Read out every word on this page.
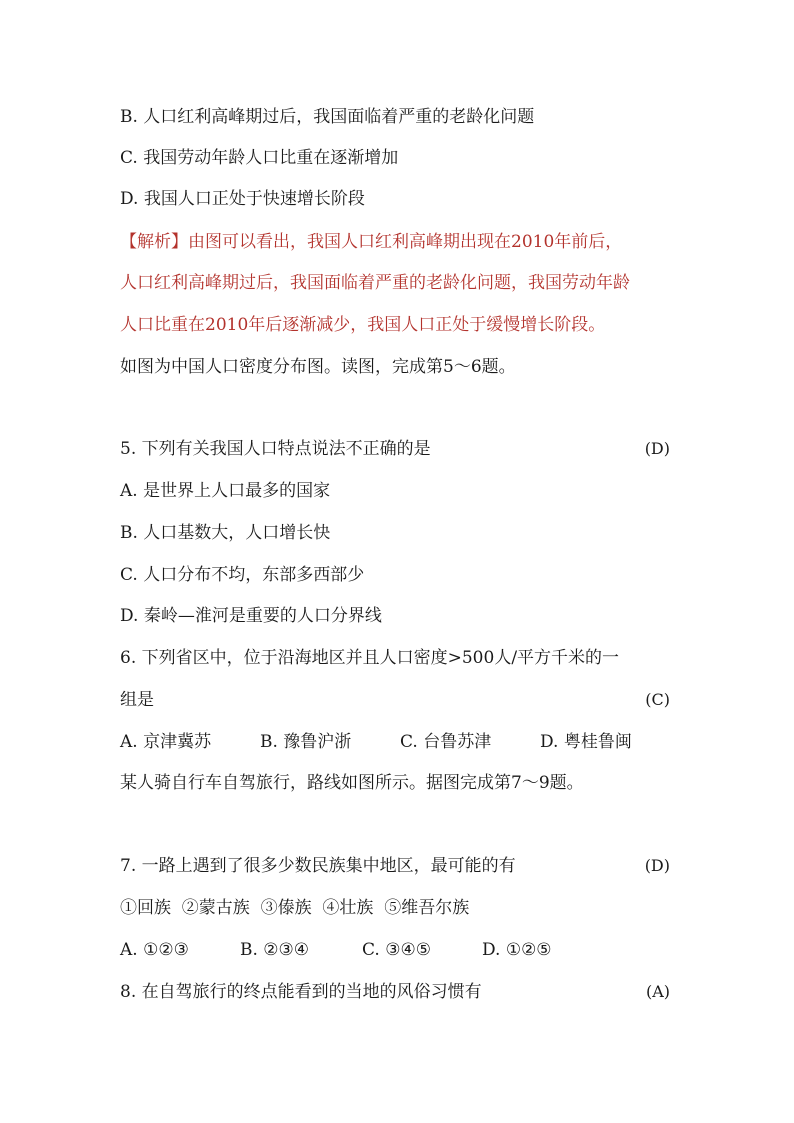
B. 人口红利高峰期过后，我国面临着严重的老龄化问题
C. 我国劳动年龄人口比重在逐渐增加
D. 我国人口正处于快速增长阶段
【解析】由图可以看出，我国人口红利高峰期出现在2010年前后，
人口红利高峰期过后，我国面临着严重的老龄化问题，我国劳动年龄
人口比重在2010年后逐渐减少，我国人口正处于缓慢增长阶段。
如图为中国人口密度分布图。读图，完成第5～6题。
5. 下列有关我国人口特点说法不正确的是	(D)
A. 是世界上人口最多的国家
B. 人口基数大，人口增长快
C. 人口分布不均，东部多西部少
D. 秦岭—淮河是重要的人口分界线
6. 下列省区中，位于沿海地区并且人口密度>500人/平方千米的一
组是	(C)
A. 京津冀苏	B. 豫鲁沪浙	C. 台鲁苏津	D. 粤桂鲁闽
某人骑自行车自驾旅行，路线如图所示。据图完成第7～9题。
7. 一路上遇到了很多少数民族集中地区，最可能的有	(D)
①回族  ②蒙古族  ③傣族  ④壮族  ⑤维吾尔族
A. ①②③	B. ②③④	C. ③④⑤	D. ①②⑤
8. 在自驾旅行的终点能看到的当地的风俗习惯有	(A)
